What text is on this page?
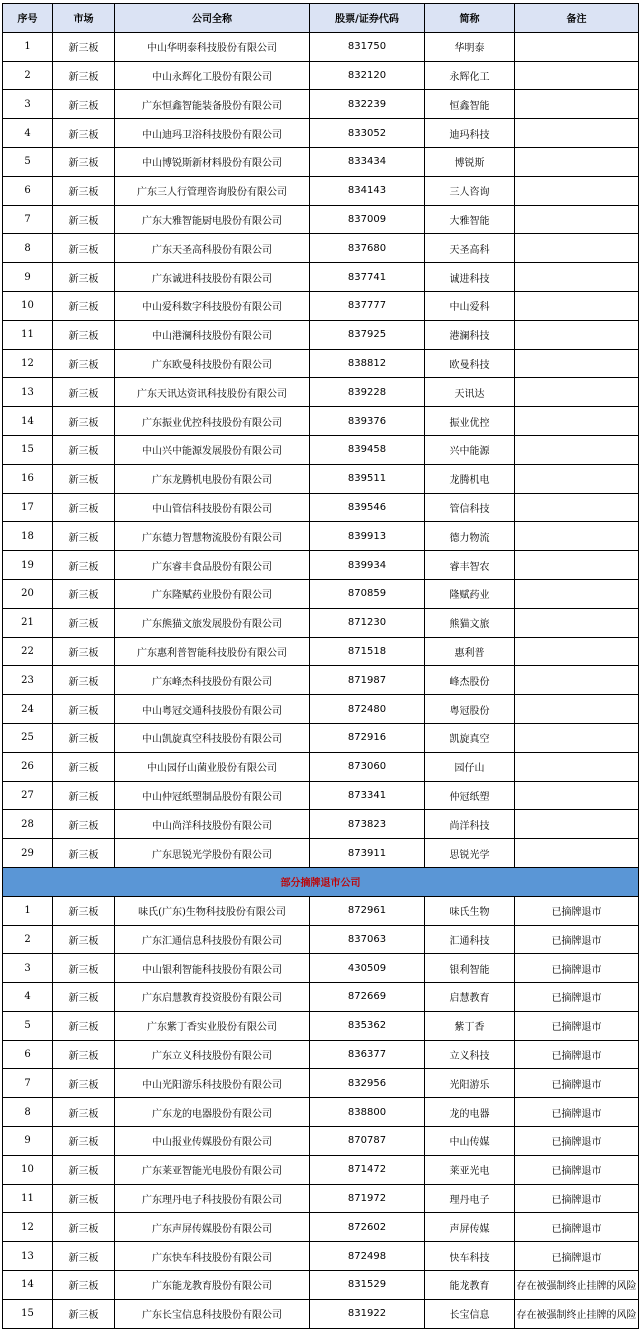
序号	市场	公司全称	股票/证券代码	简称	备注
1	新三板	中山华明泰科技股份有限公司	831750	华明泰	
2	新三板	中山永辉化工股份有限公司	832120	永辉化工	
3	新三板	广东恒鑫智能装备股份有限公司	832239	恒鑫智能	
4	新三板	中山迪玛卫浴科技股份有限公司	833052	迪玛科技	
5	新三板	中山博锐斯新材料股份有限公司	833434	博锐斯	
6	新三板	广东三人行管理咨询股份有限公司	834143	三人咨询	
7	新三板	广东大雅智能厨电股份有限公司	837009	大雅智能	
8	新三板	广东天圣高科股份有限公司	837680	天圣高科	
9	新三板	广东诚进科技股份有限公司	837741	诚进科技	
10	新三板	中山爱科数字科技股份有限公司	837777	中山爱科	
11	新三板	中山港澜科技股份有限公司	837925	港澜科技	
12	新三板	广东欧曼科技股份有限公司	838812	欧曼科技	
13	新三板	广东天讯达资讯科技股份有限公司	839228	天讯达	
14	新三板	广东振业优控科技股份有限公司	839376	振业优控	
15	新三板	中山兴中能源发展股份有限公司	839458	兴中能源	
16	新三板	广东龙腾机电股份有限公司	839511	龙腾机电	
17	新三板	中山管信科技股份有限公司	839546	管信科技	
18	新三板	广东德力智慧物流股份有限公司	839913	德力物流	
19	新三板	广东睿丰食品股份有限公司	839934	睿丰智农	
20	新三板	广东隆赋药业股份有限公司	870859	隆赋药业	
21	新三板	广东熊猫文旅发展股份有限公司	871230	熊猫文旅	
22	新三板	广东惠利普智能科技股份有限公司	871518	惠利普	
23	新三板	广东峰杰科技股份有限公司	871987	峰杰股份	
24	新三板	中山粤冠交通科技股份有限公司	872480	粤冠股份	
25	新三板	中山凯旋真空科技股份有限公司	872916	凯旋真空	
26	新三板	中山园仔山菌业股份有限公司	873060	园仔山	
27	新三板	中山仲冠纸塑制品股份有限公司	873341	仲冠纸塑	
28	新三板	中山尚洋科技股份有限公司	873823	尚洋科技	
29	新三板	广东思锐光学股份有限公司	873911	思锐光学	
部分摘牌退市公司					
1	新三板	味氏(广东)生物科技股份有限公司	872961	味氏生物	已摘牌退市
2	新三板	广东汇通信息科技股份有限公司	837063	汇通科技	已摘牌退市
3	新三板	中山银利智能科技股份有限公司	430509	银利智能	已摘牌退市
4	新三板	广东启慧教育投资股份有限公司	872669	启慧教育	已摘牌退市
5	新三板	广东紫丁香实业股份有限公司	835362	紫丁香	已摘牌退市
6	新三板	广东立义科技股份有限公司	836377	立义科技	已摘牌退市
7	新三板	中山光阳游乐科技股份有限公司	832956	光阳游乐	已摘牌退市
8	新三板	广东龙的电器股份有限公司	838800	龙的电器	已摘牌退市
9	新三板	中山报业传媒股份有限公司	870787	中山传媒	已摘牌退市
10	新三板	广东莱亚智能光电股份有限公司	871472	莱亚光电	已摘牌退市
11	新三板	广东理丹电子科技股份有限公司	871972	理丹电子	已摘牌退市
12	新三板	广东声屏传媒股份有限公司	872602	声屏传媒	已摘牌退市
13	新三板	广东快车科技股份有限公司	872498	快车科技	已摘牌退市
14	新三板	广东能龙教育股份有限公司	831529	能龙教育	存在被强制终止挂牌的风险
15	新三板	广东长宝信息科技股份有限公司	831922	长宝信息	存在被强制终止挂牌的风险
